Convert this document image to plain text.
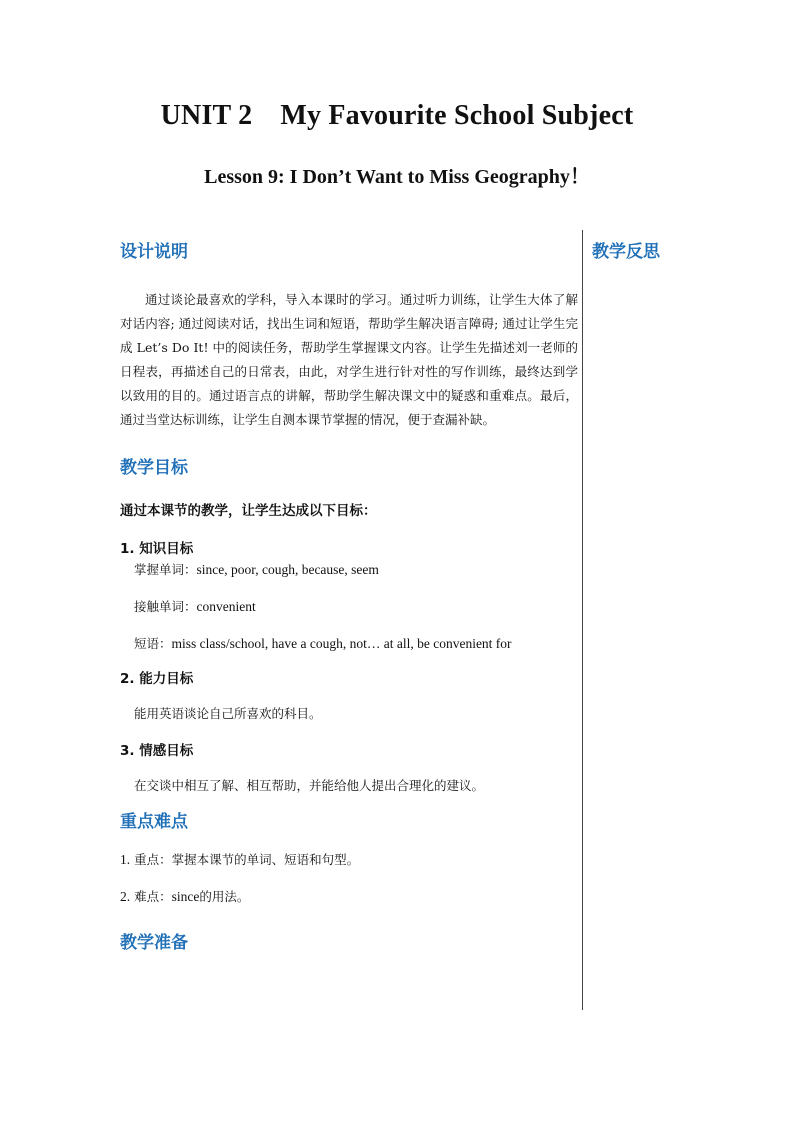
UNIT 2 My Favourite School Subject
Lesson 9: I Don’t Want to Miss Geography！

教学反思

设计说明

通过谈论最喜欢的学科，导入本课时的学习。通过听力训练，让学生大体了解对话内容; 通过阅读对话，找出生词和短语，帮助学生解决语言障碍; 通过让学生完成 Let’s Do It! 中的阅读任务，帮助学生掌握课文内容。让学生先描述刘一老师的日程表，再描述自己的日常表，由此，对学生进行针对性的写作训练，最终达到学以致用的目的。通过语言点的讲解，帮助学生解决课文中的疑惑和重难点。最后，通过当堂达标训练，让学生自测本课节掌握的情况，便于查漏补缺。

教学目标

通过本课节的教学，让学生达成以下目标：

1. 知识目标

掌握单词：since, poor, cough, because, seem

接触单词：convenient

短语：miss class/school, have a cough, not… at all, be convenient for

2. 能力目标

能用英语谈论自己所喜欢的科目。

3. 情感目标

在交谈中相互了解、相互帮助，并能给他人提出合理化的建议。

重点难点

1. 重点：掌握本课节的单词、短语和句型。

2. 难点：since的用法。

教学准备
